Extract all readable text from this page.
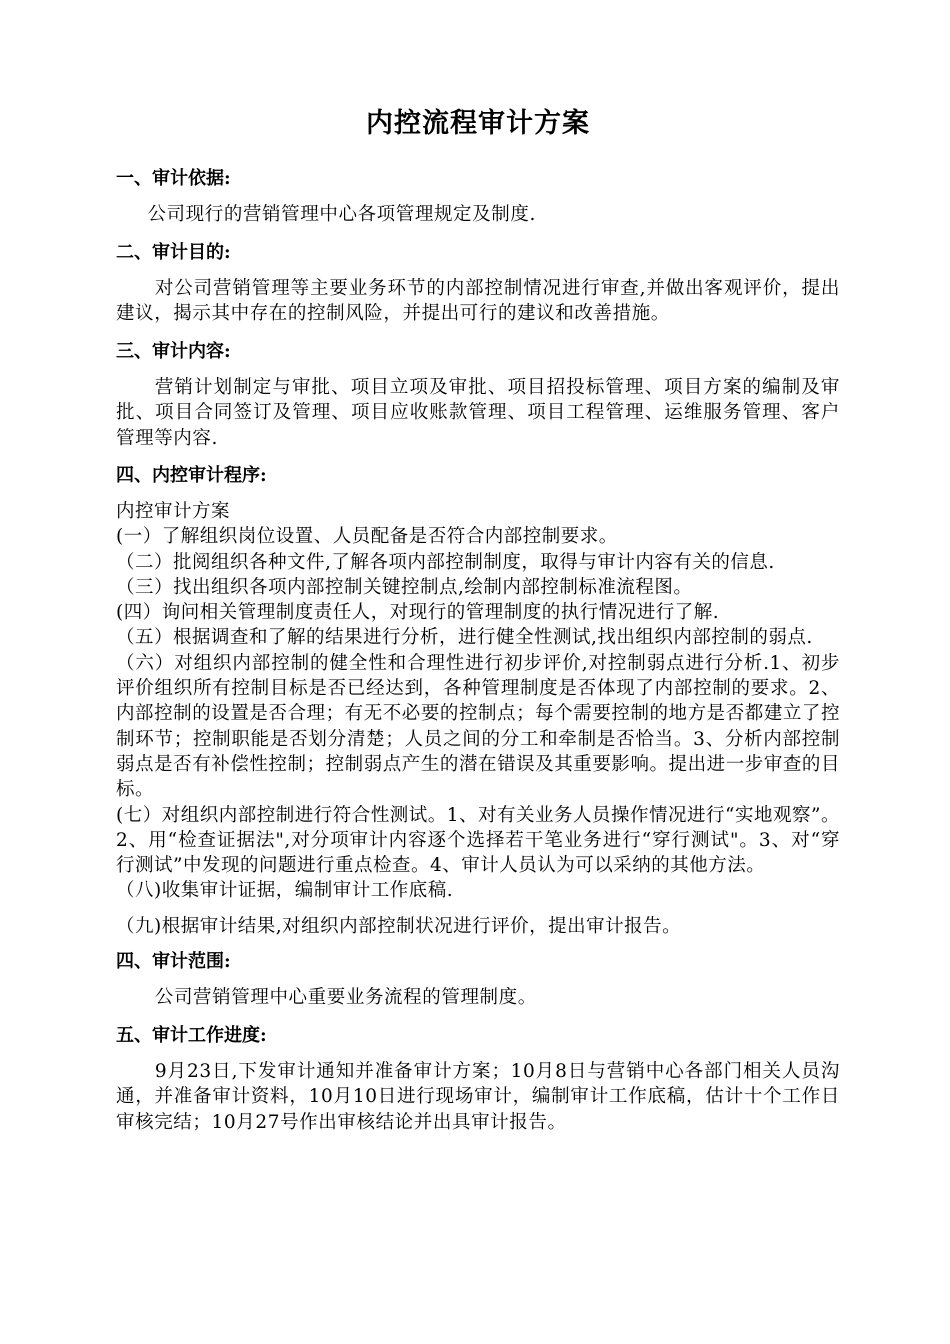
内控流程审计方案
一、审计依据:

公司现行的营销管理中心各项管理规定及制度.

二、审计目的:

对公司营销管理等主要业务环节的内部控制情况进行审查,并做出客观评价，提出建议，揭示其中存在的控制风险，并提出可行的建议和改善措施。

三、审计内容:

营销计划制定与审批、项目立项及审批、项目招投标管理、项目方案的编制及审批、项目合同签订及管理、项目应收账款管理、项目工程管理、运维服务管理、客户管理等内容.

四、内控审计程序:

内控审计方案

(一）了解组织岗位设置、人员配备是否符合内部控制要求。

（二）批阅组织各种文件,了解各项内部控制制度，取得与审计内容有关的信息.

（三）找出组织各项内部控制关键控制点,绘制内部控制标准流程图。

(四）询问相关管理制度责任人，对现行的管理制度的执行情况进行了解.

（五）根据调查和了解的结果进行分析，进行健全性测试,找出组织内部控制的弱点.

（六）对组织内部控制的健全性和合理性进行初步评价,对控制弱点进行分析.1、初步评价组织所有控制目标是否已经达到，各种管理制度是否体现了内部控制的要求。2、内部控制的设置是否合理；有无不必要的控制点；每个需要控制的地方是否都建立了控制环节；控制职能是否划分清楚；人员之间的分工和牵制是否恰当。3、分析内部控制弱点是否有补偿性控制；控制弱点产生的潜在错误及其重要影响。提出进一步审查的目标。

(七）对组织内部控制进行符合性测试。1、对有关业务人员操作情况进行“实地观察”。2、用“检查证据法",对分项审计内容逐个选择若干笔业务进行“穿行测试"。3、对“穿行测试”中发现的问题进行重点检查。4、审计人员认为可以采纳的其他方法。

（八)收集审计证据，编制审计工作底稿.

（九)根据审计结果,对组织内部控制状况进行评价，提出审计报告。

四、审计范围:

公司营销管理中心重要业务流程的管理制度。

五、审计工作进度:

9月23日,下发审计通知并准备审计方案；10月8日与营销中心各部门相关人员沟通，并准备审计资料，10月10日进行现场审计，编制审计工作底稿，估计十个工作日审核完结；10月27号作出审核结论并出具审计报告。
